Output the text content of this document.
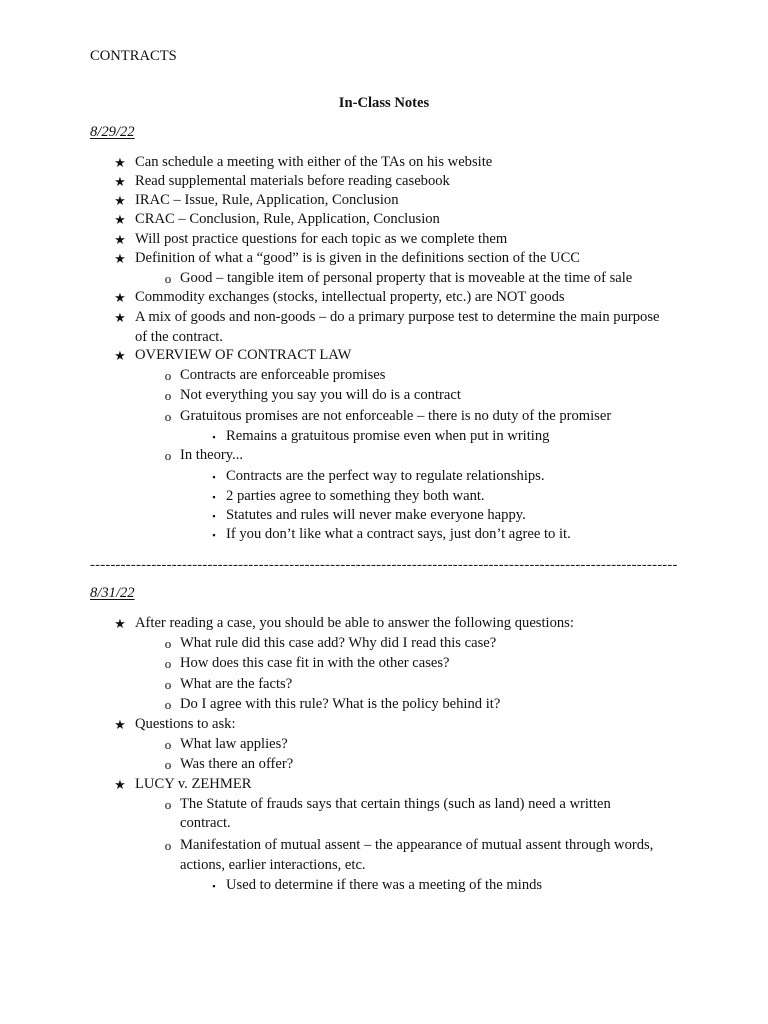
CONTRACTS
In-Class Notes
8/29/22
-------------------------------------------------------------------------------------------------------------------
8/31/22
★ Can schedule a meeting with either of the TAs on his website
★ Read supplemental materials before reading casebook
★ IRAC – Issue, Rule, Application, Conclusion
★ CRAC – Conclusion, Rule, Application, Conclusion
★ Will post practice questions for each topic as we complete them
★ Definition of what a “good” is is given in the definitions section of the UCC
o Good – tangible item of personal property that is moveable at the time of sale
★ Commodity exchanges (stocks, intellectual property, etc.) are NOT goods
★ A mix of goods and non-goods – do a primary purpose test to determine the main purpose
of the contract.
★ OVERVIEW OF CONTRACT LAW
o Contracts are enforceable promises
o Not everything you say you will do is a contract
o Gratuitous promises are not enforceable – there is no duty of the promiser
▪ Remains a gratuitous promise even when put in writing
o In theory...
▪ Contracts are the perfect way to regulate relationships.
▪ 2 parties agree to something they both want.
▪ Statutes and rules will never make everyone happy.
▪ If you don’t like what a contract says, just don’t agree to it.
★ After reading a case, you should be able to answer the following questions:
o What rule did this case add? Why did I read this case?
o How does this case fit in with the other cases?
o What are the facts?
o Do I agree with this rule? What is the policy behind it?
★ Questions to ask:
o What law applies?
o Was there an offer?
★ LUCY v. ZEHMER
o The Statute of frauds says that certain things (such as land) need a written
contract.
o Manifestation of mutual assent – the appearance of mutual assent through words,
actions, earlier interactions, etc.
▪ Used to determine if there was a meeting of the minds
